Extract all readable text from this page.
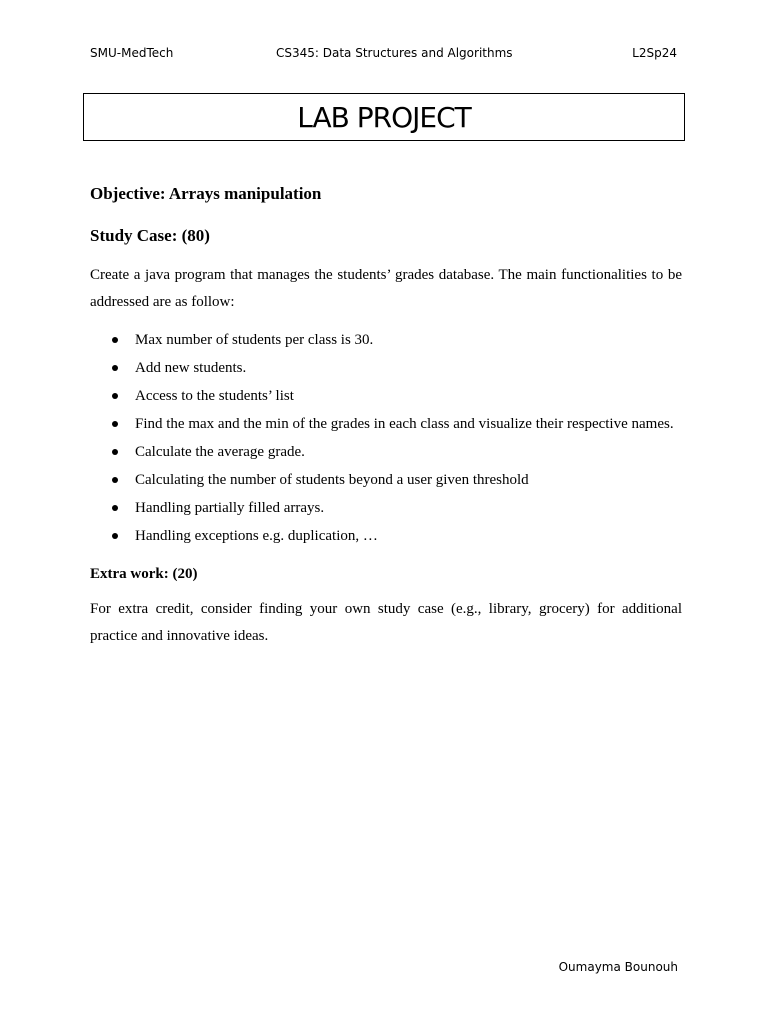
SMU-MedTech	CS345: Data Structures and Algorithms	L2Sp24
LAB PROJECT
Objective: Arrays manipulation
Study Case: (80)

Create a java program that manages the students’ grades database. The main functionalities to be addressed are as follow:

Max number of students per class is 30.
Add new students.
Access to the students’ list
Find the max and the min of the grades in each class and visualize their respective names.
Calculate the average grade.
Calculating the number of students beyond a user given threshold
Handling partially filled arrays.
Handling exceptions e.g. duplication, …
Extra work: (20)

For extra credit, consider finding your own study case (e.g., library, grocery) for additional practice and innovative ideas.

Oumayma Bounouh
